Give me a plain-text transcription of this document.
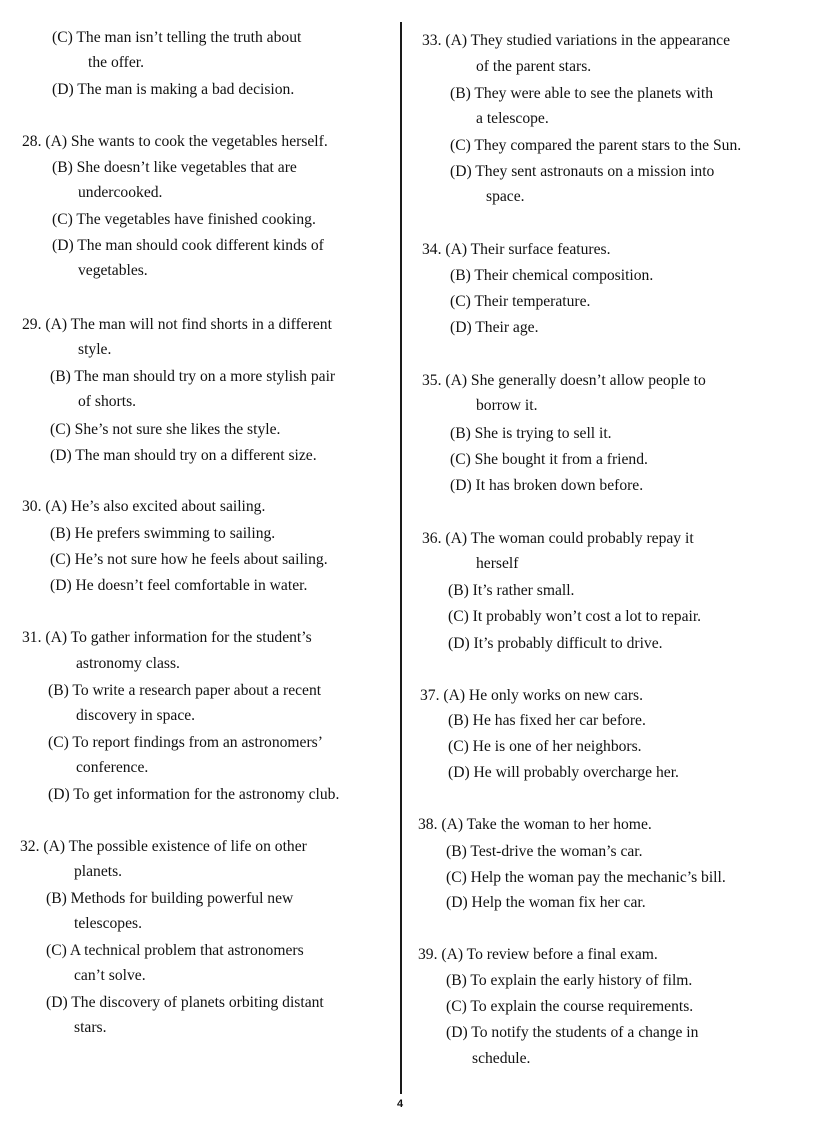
(C) The man isn’t telling the truth about
the offer.
(D) The man is making a bad decision.
28. (A) She wants to cook the vegetables herself.
(B) She doesn’t like vegetables that are
undercooked.
(C) The vegetables have finished cooking.
(D) The man should cook different kinds of
vegetables.
29. (A) The man will not find shorts in a different
style.
(B) The man should try on a more stylish pair
of shorts.
(C) She’s not sure she likes the style.
(D) The man should try on a different size.
30. (A) He’s also excited about sailing.
(B) He prefers swimming to sailing.
(C) He’s not sure how he feels about sailing.
(D) He doesn’t feel comfortable in water.
31. (A) To gather information for the student’s
astronomy class.
(B) To write a research paper about a recent
discovery in space.
(C) To report findings from an astronomers’
conference.
(D) To get information for the astronomy club.
32. (A) The possible existence of life on other
planets.
(B) Methods for building powerful new
telescopes.
(C) A technical problem that astronomers
can’t solve.
(D) The discovery of planets orbiting distant
stars.
33. (A) They studied variations in the appearance
of the parent stars.
(B) They were able to see the planets with
a telescope.
(C) They compared the parent stars to the Sun.
(D) They sent astronauts on a mission into
space.
34. (A) Their surface features.
(B) Their chemical composition.
(C) Their temperature.
(D) Their age.
35. (A) She generally doesn’t allow people to
borrow it.
(B) She is trying to sell it.
(C) She bought it from a friend.
(D) It has broken down before.
36. (A) The woman could probably repay it
herself
(B) It’s rather small.
(C) It probably won’t cost a lot to repair.
(D) It’s probably difficult to drive.
37. (A) He only works on new cars.
(B) He has fixed her car before.
(C) He is one of her neighbors.
(D) He will probably overcharge her.
38. (A) Take the woman to her home.
(B) Test-drive the woman’s car.
(C) Help the woman pay the mechanic’s bill.
(D) Help the woman fix her car.
39. (A) To review before a final exam.
(B) To explain the early history of film.
(C) To explain the course requirements.
(D) To notify the students of a change in
schedule.
4
